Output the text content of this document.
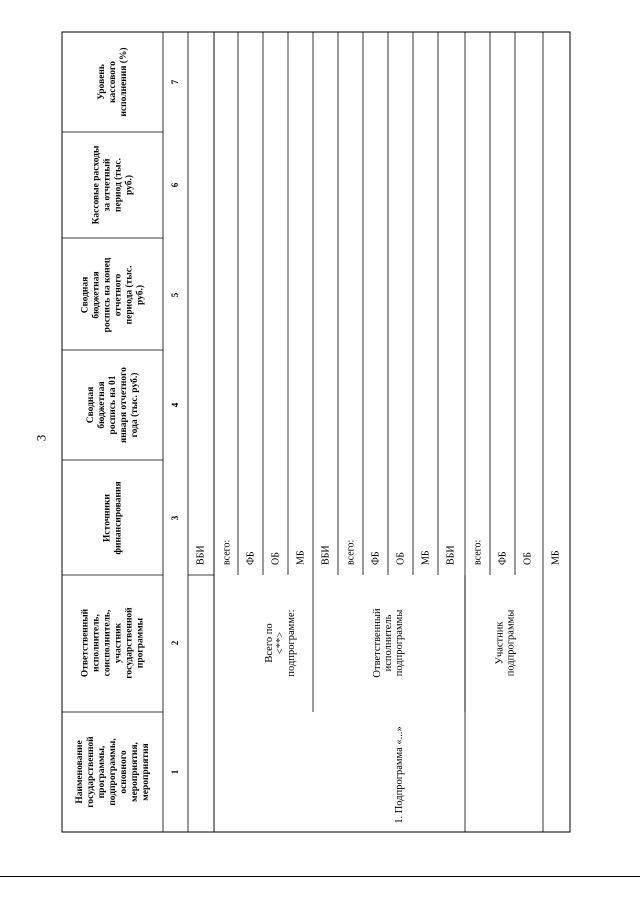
3
Наименованиегосударственнойпрограммы,подпрограммы,основногомероприятия,мероприятия
Ответственныйисполнитель,соисполнитель,участникгосударственнойпрограммы
Источникифинансирования
Своднаябюджетнаяроспись на 01января отчетногогода (тыс. руб.)
Своднаябюджетнаяроспись на конецотчетногопериода (тыс.руб.)
Кассовые расходыза отчетныйпериод (тыс.руб.)
Уровенькассовогоисполнения (%)
1
2
3
4
5
6
7
1. Подпрограмма «...»
Всего по<**>подпрограмме:	Ответственныйисполнительподпрограммы	Участникподпрограммы
ВБИ всего: ФБ ОБ МБ ВБИ всего: ФБ ОБ МБ ВБИ всего: ФБ ОБ МБ
